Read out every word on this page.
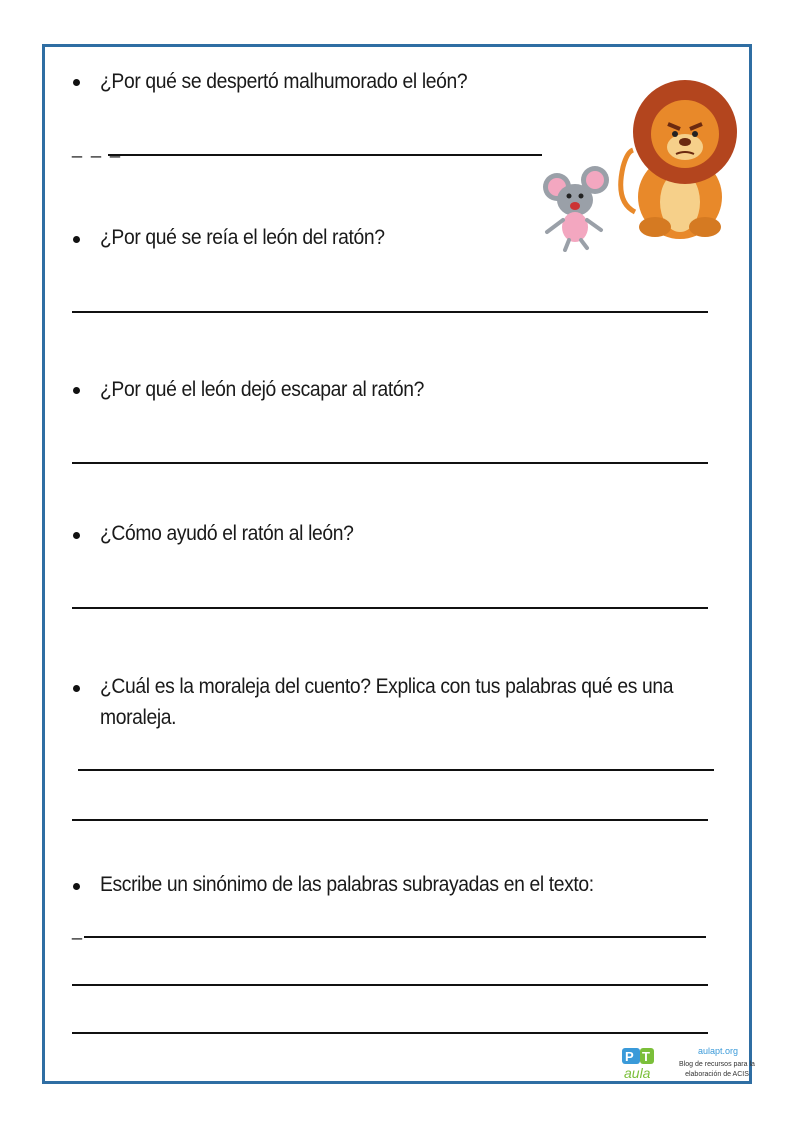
¿Por qué se despertó malhumorado el león?
_ _ _
¿Por qué se reía el león del ratón?
¿Por qué el león dejó escapar al ratón?
¿Cómo ayudó el ratón al león?
¿Cuál es la moraleja del cuento? Explica con tus palabras qué es una
moraleja.
Escribe un sinónimo de las palabras subrayadas en el texto:
_
P T
aula
aulapt.org
Blog de recursos para la
elaboración de ACIS
